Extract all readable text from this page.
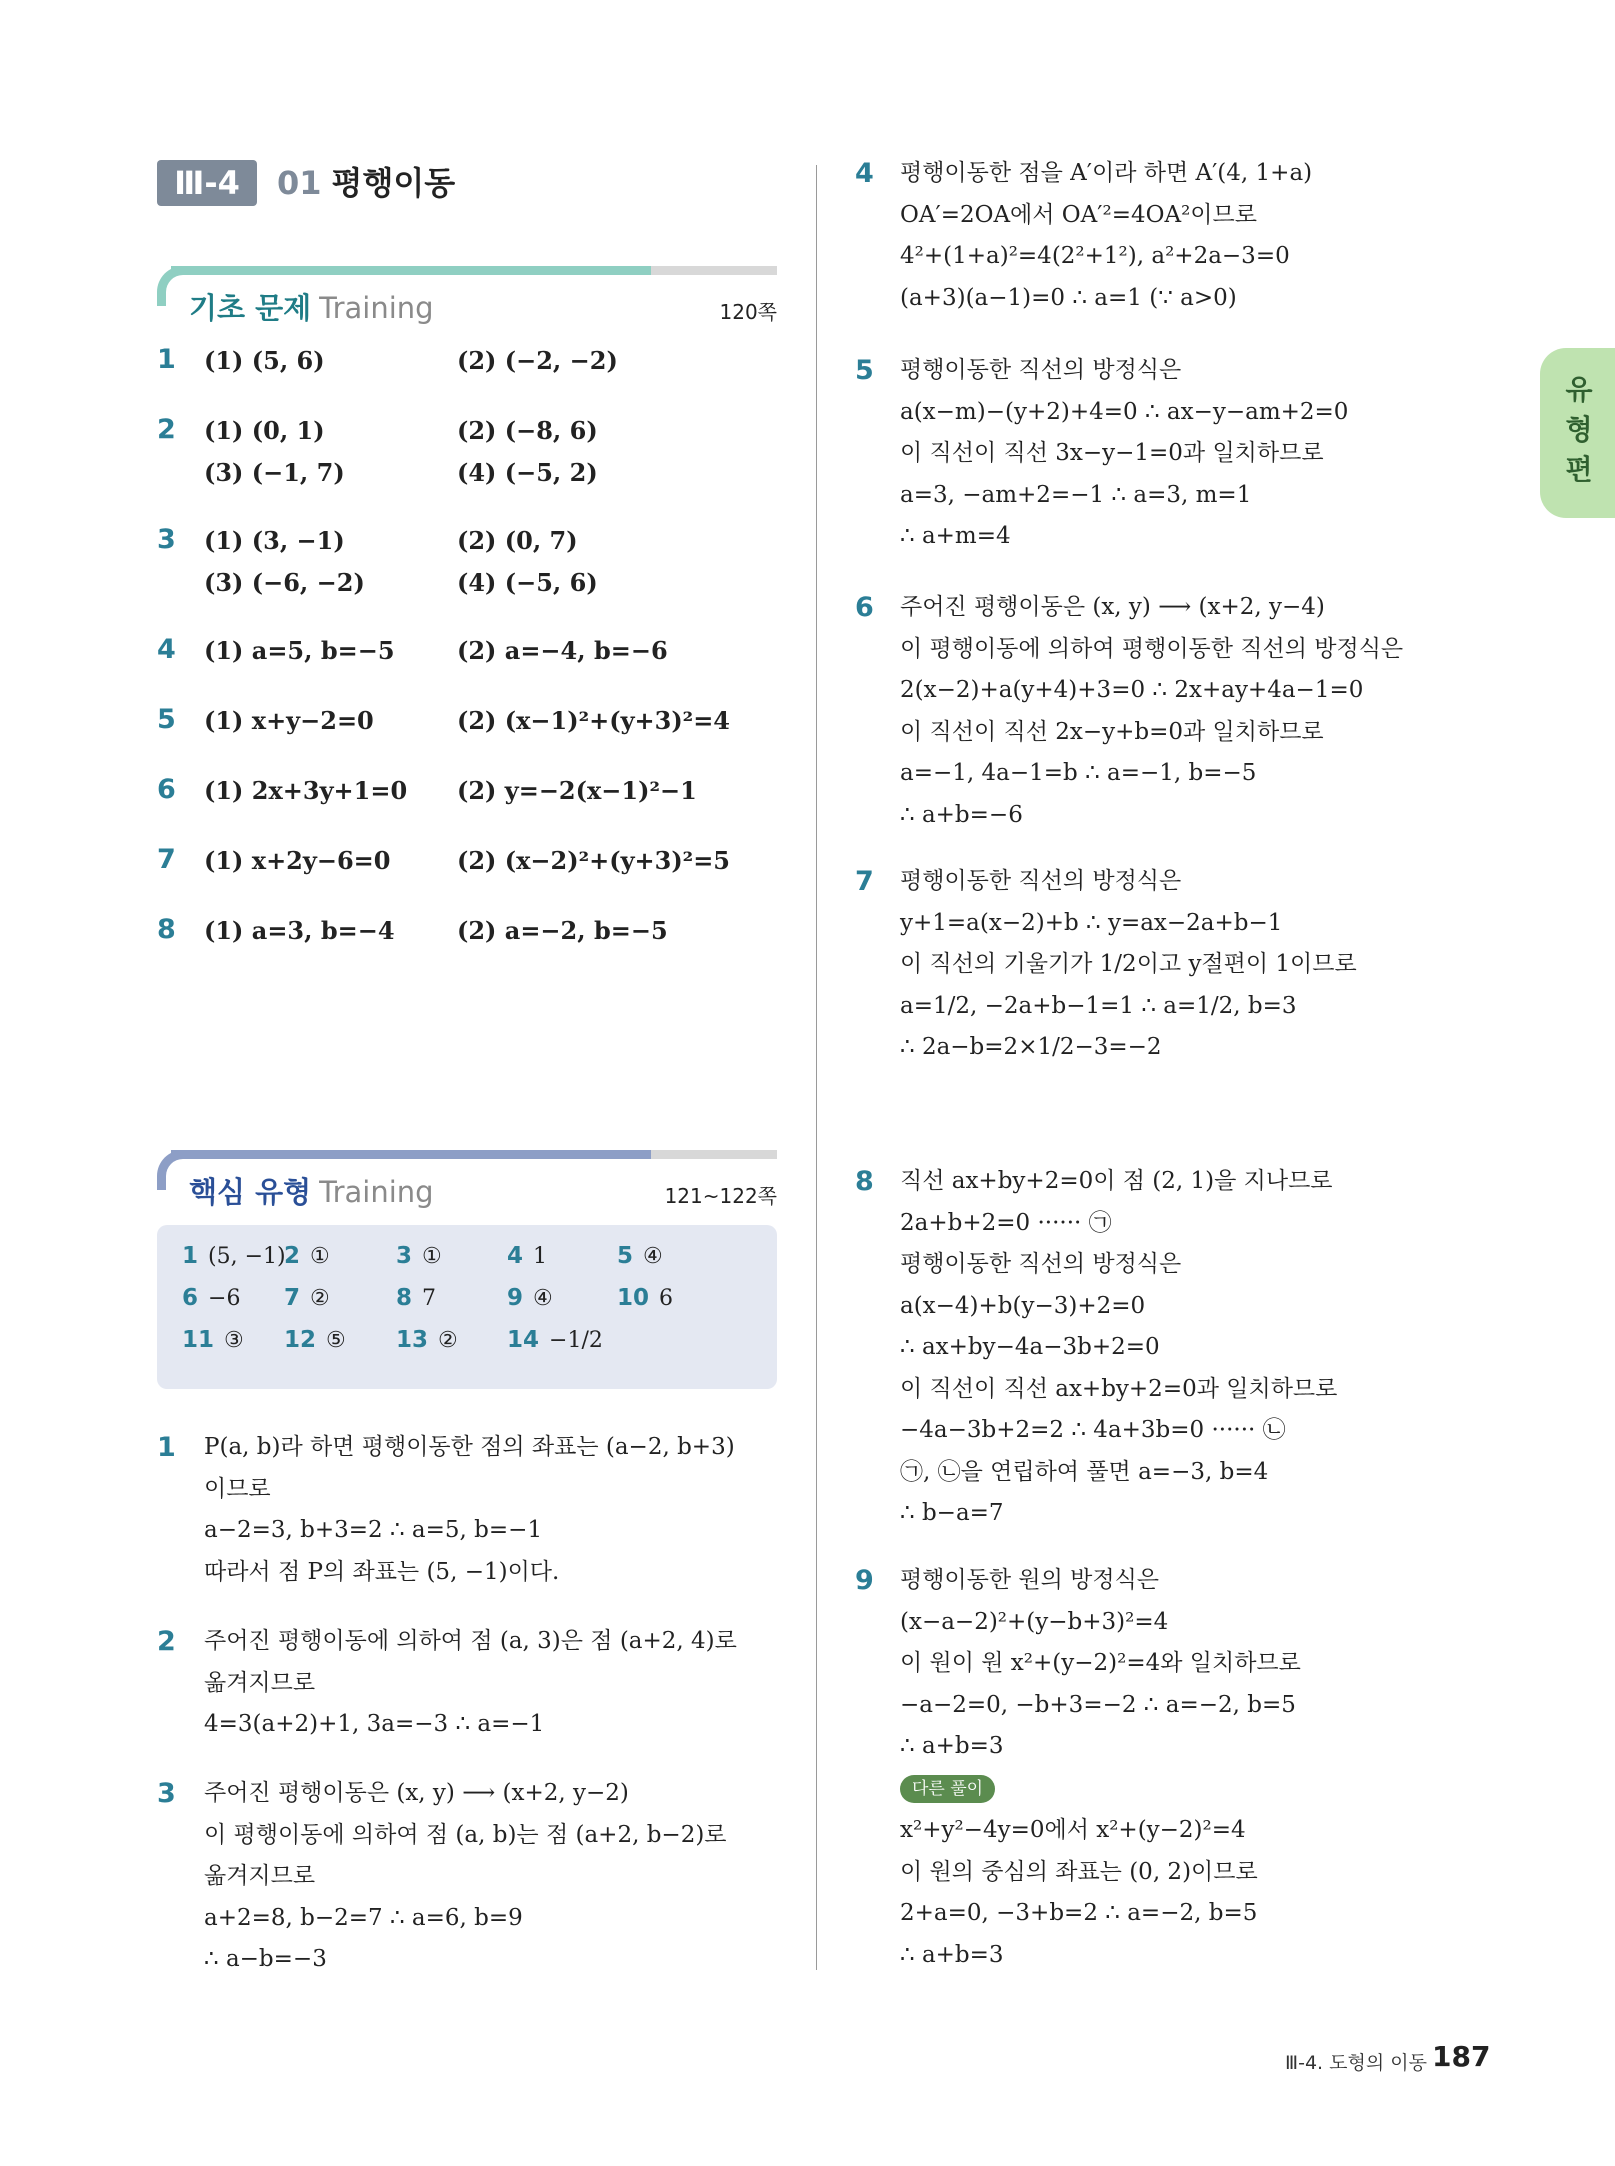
Ⅲ-4	01 평행이동
기초 문제 Training	120쪽
1 (1) (5, 6)	(2) (−2, −2)
2 (1) (0, 1)	(2) (−8, 6)
(3) (−1, 7)	(4) (−5, 2)
3 (1) (3, −1)	(2) (0, 7)
(3) (−6, −2)	(4) (−5, 6)
4 (1) a=5, b=−5	(2) a=−4, b=−6
5 (1) x+y−2=0	(2) (x−1)²+(y+3)²=4
6 (1) 2x+3y+1=0 (2) y=−2(x−1)²−1
7 (1) x+2y−6=0	(2) (x−2)²+(y+3)²=5
8 (1) a=3, b=−4	(2) a=−2, b=−5
핵심 유형 Training	121~122쪽
1 (5, −1)
2 ①	3 ①	4 1	5 ④
6 −6 7 ②	8 7	9 ④	10 6
11 ③ 12 ⑤ 13 ② 14 −1/2
1 P(a, b)라 하면 평행이동한 점의 좌표는 (a−2, b+3)
이므로
a−2=3, b+3=2 ∴ a=5, b=−1
따라서 점 P의 좌표는 (5, −1)이다.
2 주어진 평행이동에 의하여 점 (a, 3)은 점 (a+2, 4)로
옮겨지므로
4=3(a+2)+1, 3a=−3 ∴ a=−1
3 주어진 평행이동은 (x, y) ⟶ (x+2, y−2)
이 평행이동에 의하여 점 (a, b)는 점 (a+2, b−2)로
옮겨지므로
a+2=8, b−2=7 ∴ a=6, b=9
∴ a−b=−3
4 평행이동한 점을 A′이라 하면 A′(4, 1+a)
OA′=2OA에서 OA′²=4OA²이므로
4²+(1+a)²=4(2²+1²), a²+2a−3=0
(a+3)(a−1)=0 ∴ a=1 (∵ a>0)
5 평행이동한 직선의 방정식은
a(x−m)−(y+2)+4=0 ∴ ax−y−am+2=0
이 직선이 직선 3x−y−1=0과 일치하므로
a=3, −am+2=−1 ∴ a=3, m=1
∴ a+m=4
6 주어진 평행이동은 (x, y) ⟶ (x+2, y−4)
이 평행이동에 의하여 평행이동한 직선의 방정식은
2(x−2)+a(y+4)+3=0 ∴ 2x+ay+4a−1=0
이 직선이 직선 2x−y+b=0과 일치하므로
a=−1, 4a−1=b ∴ a=−1, b=−5
∴ a+b=−6
7 평행이동한 직선의 방정식은
y+1=a(x−2)+b ∴ y=ax−2a+b−1
이 직선의 기울기가 1/2이고 y절편이 1이므로
a=1/2, −2a+b−1=1 ∴ a=1/2, b=3
∴ 2a−b=2×1/2−3=−2
8 직선 ax+by+2=0이 점 (2, 1)을 지나므로
2a+b+2=0 ······ ㉠
평행이동한 직선의 방정식은
a(x−4)+b(y−3)+2=0
∴ ax+by−4a−3b+2=0
이 직선이 직선 ax+by+2=0과 일치하므로
−4a−3b+2=2 ∴ 4a+3b=0 ······ ㉡
㉠, ㉡을 연립하여 풀면 a=−3, b=4
∴ b−a=7
9 평행이동한 원의 방정식은
(x−a−2)²+(y−b+3)²=4
이 원이 원 x²+(y−2)²=4와 일치하므로
−a−2=0, −b+3=−2 ∴ a=−2, b=5
∴ a+b=3
다른 풀이
x²+y²−4y=0에서 x²+(y−2)²=4
이 원의 중심의 좌표는 (0, 2)이므로
2+a=0, −3+b=2 ∴ a=−2, b=5
∴ a+b=3
유형편
Ⅲ-4. 도형의 이동 187
